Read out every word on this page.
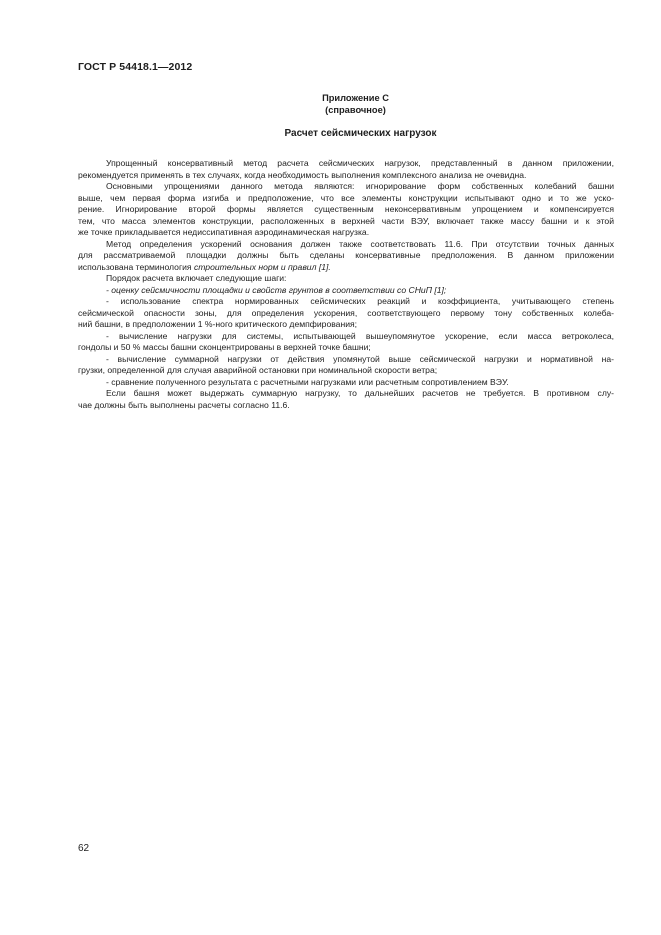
ГОСТ Р 54418.1—2012
Приложение С
(справочное)
Расчет сейсмических нагрузок
Упрощенный консервативный метод расчета сейсмических нагрузок, представленный в данном приложении,
рекомендуется применять в тех случаях, когда необходимость выполнения комплексного анализа не очевидна.
Основными упрощениями данного метода являются: игнорирование форм собственных колебаний башни
выше, чем первая форма изгиба и предположение, что все элементы конструкции испытывают одно и то же уско-
рение. Игнорирование второй формы является существенным неконсервативным упрощением и компенсируется
тем, что масса элементов конструкции, расположенных в верхней части ВЭУ, включает также массу башни и к этой
же точке прикладывается недиссипативная аэродинамическая нагрузка.
Метод определения ускорений основания должен также соответствовать 11.6. При отсутствии точных данных
для рассматриваемой площадки должны быть сделаны консервативные предположения. В данном приложении
использована терминология строительных норм и правил [1].
Порядок расчета включает следующие шаги:
- оценку сейсмичности площадки и свойств грунтов в соответствии со СНиП [1];
- использование спектра нормированных сейсмических реакций и коэффициента, учитывающего степень
сейсмической опасности зоны, для определения ускорения, соответствующего первому тону собственных колеба-
ний башни, в предположении 1 %-ного критического демпфирования;
- вычисление нагрузки для системы, испытывающей вышеупомянутое ускорение, если масса ветроколеса,
гондолы и 50 % массы башни сконцентрированы в верхней точке башни;
- вычисление суммарной нагрузки от действия упомянутой выше сейсмической нагрузки и нормативной на-
грузки, определенной для случая аварийной остановки при номинальной скорости ветра;
- сравнение полученного результата с расчетными нагрузками или расчетным сопротивлением ВЭУ.
Если башня может выдержать суммарную нагрузку, то дальнейших расчетов не требуется. В противном слу-
чае должны быть выполнены расчеты согласно 11.6.
62
